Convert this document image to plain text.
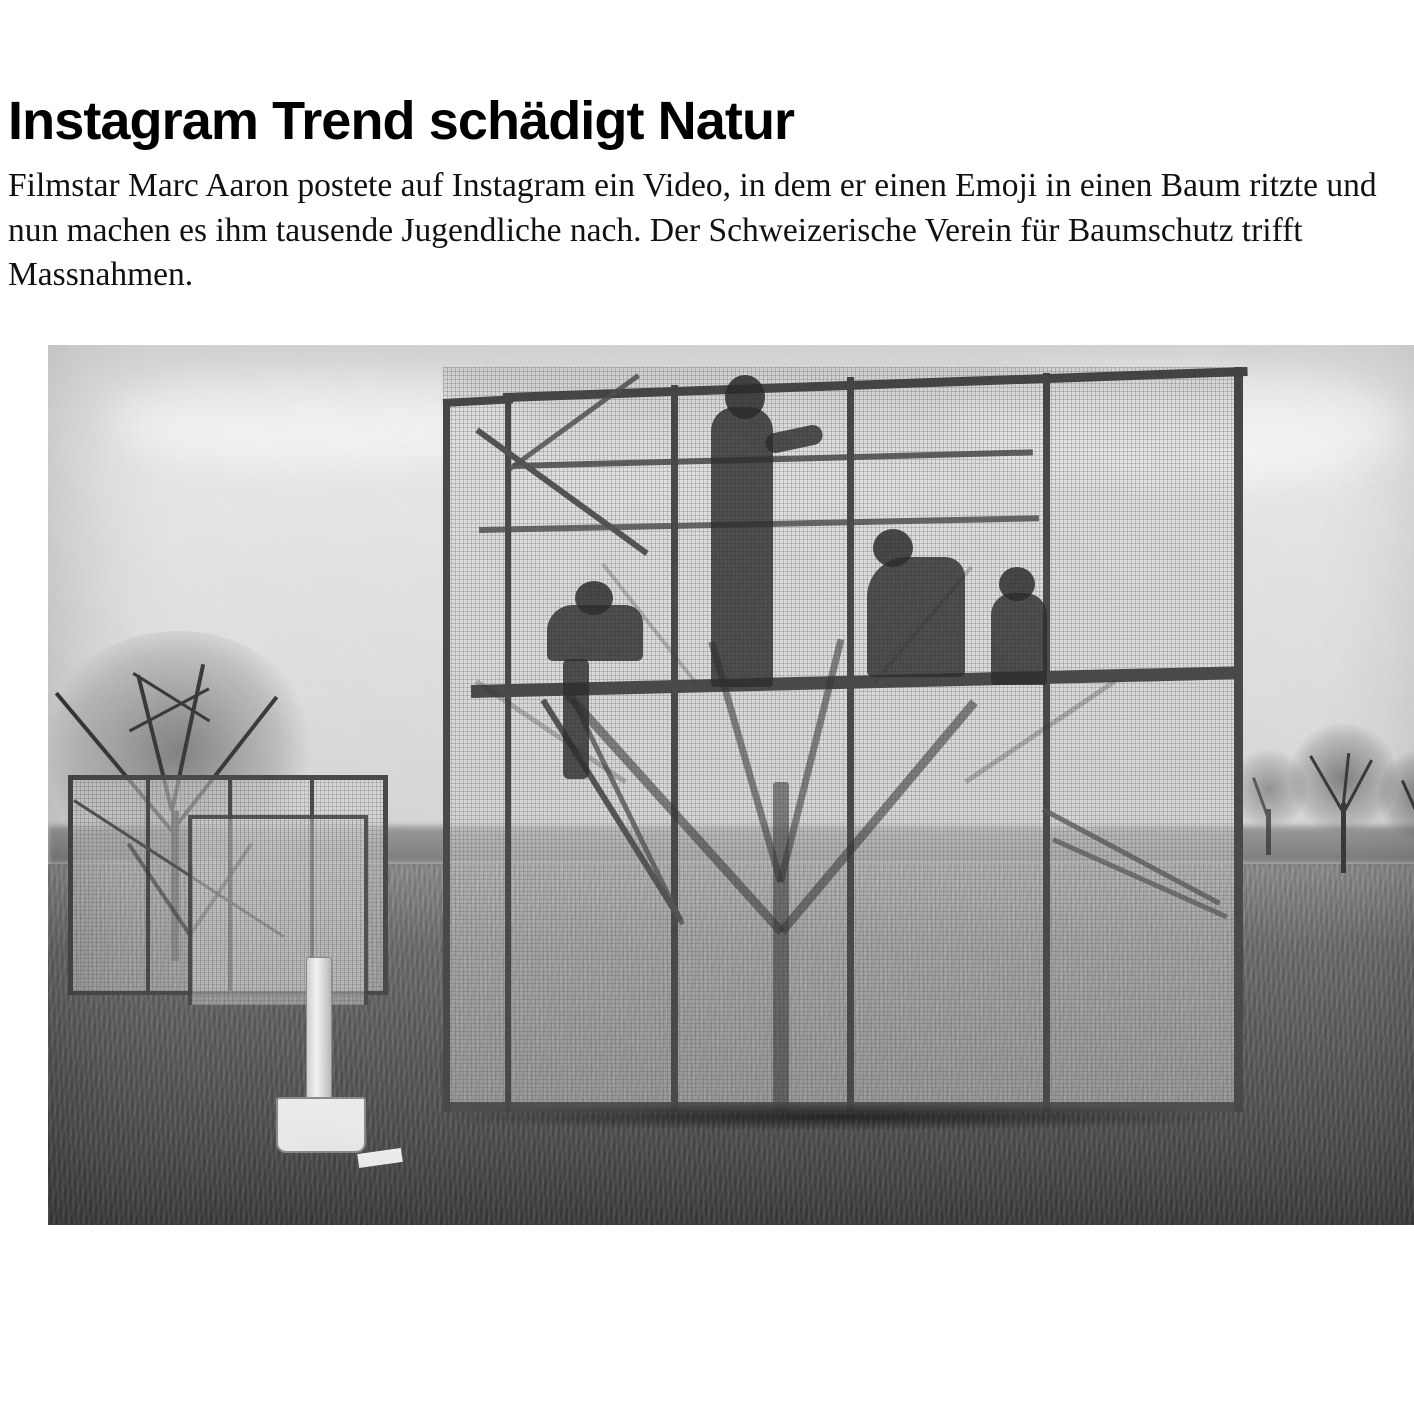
Instagram Trend schädigt Natur

Filmstar Marc Aaron postete auf Instagram ein Video, in dem er einen Emoji in einen Baum ritzte und nun machen es ihm tausende Jugendliche nach. Der Schweizerische Verein für Baumschutz trifft Massnahmen.
